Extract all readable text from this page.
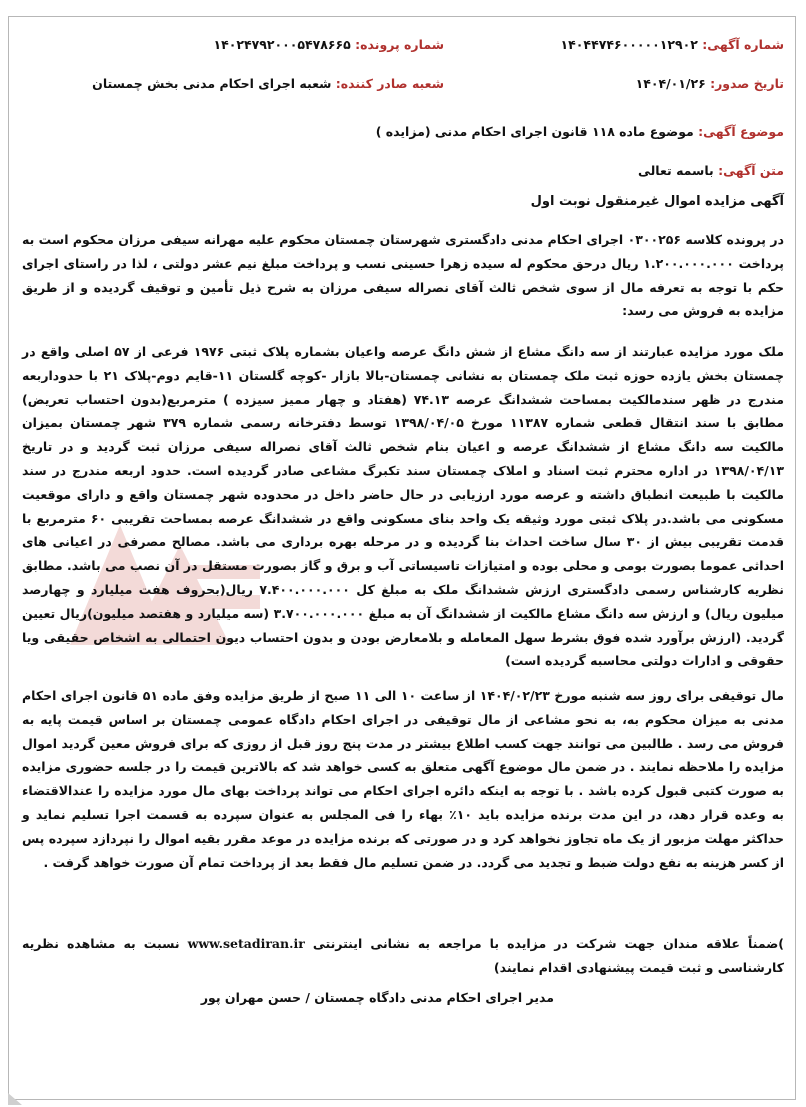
شماره آگهی: ۱۴۰۴۴۷۴۶۰۰۰۰۰۱۲۹۰۲
شماره پرونده: ۱۴۰۲۴۷۹۲۰۰۰۵۴۷۸۶۶۵
تاریخ صدور: ۱۴۰۴/۰۱/۲۶
شعبه صادر کننده: شعبه اجرای احکام مدنی بخش چمستان
موضوع آگهی: موضوع ماده ۱۱۸ قانون اجرای احکام مدنی (مزایده )
متن آگهی: باسمه تعالی
آگهی مزایده اموال غیرمنقول نوبت اول

در پرونده کلاسه ۰۳۰۰۲۵۶ اجرای احکام مدنی دادگستری شهرستان چمستان محکوم علیه مهرانه سیفی مرزان محکوم است به پرداخت ۱.۲۰۰.۰۰۰.۰۰۰ ریال درحق محکوم له سیده زهرا حسینی نسب و پرداخت مبلغ نیم عشر دولتی ، لذا در راستای اجرای حکم با توجه به تعرفه مال از سوی شخص ثالث آقای نصراله سیفی مرزان به شرح ذیل تأمین و توقیف گردیده و از طریق مزایده به فروش می رسد:

ملک مورد مزایده عبارتند از سه دانگ مشاع از شش دانگ عرصه واعیان بشماره پلاک ثبتی ۱۹۷۶ فرعی از ۵۷ اصلی واقع در چمستان بخش یازده حوزه ثبت ملک چمستان به نشانی چمستان-بالا بازار -کوچه گلستان ۱۱-قایم دوم-پلاک ۲۱ با حدوداربعه مندرج در ظهر سندمالکیت بمساحت ششدانگ عرصه ۷۴.۱۳ (هفتاد و چهار ممیز سیزده ) مترمربع(بدون احتساب تعریض) مطابق با سند انتقال قطعی شماره ۱۱۳۸۷ مورخ ۱۳۹۸/۰۴/۰۵ توسط دفترخانه رسمی شماره ۳۷۹ شهر چمستان بمیزان مالکیت سه دانگ مشاع از ششدانگ عرصه و اعیان بنام شخص ثالث آقای نصراله سیفی مرزان ثبت گردید و در تاریخ ۱۳۹۸/۰۴/۱۳ در اداره محترم ثبت اسناد و املاک چمستان سند تکبرگ مشاعی صادر گردیده است. حدود اربعه مندرج در سند مالکیت با طبیعت انطباق داشته و عرصه مورد ارزیابی در حال حاضر داخل در محدوده شهر چمستان واقع و دارای موقعیت مسکونی می باشد.در پلاک ثبتی مورد وثیقه یک واحد بنای مسکونی واقع در ششدانگ عرصه بمساحت تقریبی ۶۰ مترمربع با قدمت تقریبی بیش از ۳۰ سال ساخت احداث بنا گردیده و در مرحله بهره برداری می باشد. مصالح مصرفی در اعیانی های احداثی عموما بصورت بومی و محلی بوده و امتیازات تاسیساتی آب و برق و گاز بصورت مستقل در آن نصب می باشد. مطابق نظریه کارشناس رسمی دادگستری ارزش ششدانگ ملک به مبلغ کل ۷.۴۰۰.۰۰۰.۰۰۰ ریال(بحروف هفت میلیارد و چهارصد میلیون ریال) و ارزش سه دانگ مشاع مالکیت از ششدانگ آن به مبلغ ۳.۷۰۰.۰۰۰.۰۰۰ (سه میلیارد و هفتصد میلیون)ریال تعیین گردید. (ارزش برآورد شده فوق بشرط سهل المعامله و بلامعارض بودن و بدون احتساب دیون احتمالی به اشخاص حقیقی ویا حقوقی و ادارات دولتی محاسبه گردیده است)

مال توقیفی برای روز سه شنبه مورخ ۱۴۰۴/۰۲/۲۳ از ساعت ۱۰ الی ۱۱ صبح از طریق مزایده وفق ماده ۵۱ قانون اجرای احکام مدنی به میزان محکوم به، به نحو مشاعی از مال توقیفی در اجرای احکام دادگاه عمومی چمستان بر اساس قیمت پایه به فروش می رسد . طالبین می توانند جهت کسب اطلاع بیشتر در مدت پنج روز قبل از روزی که برای فروش معین گردید اموال مزایده را ملاحظه نمایند . در ضمن مال موضوع آگهی متعلق به کسی خواهد شد که بالاترین قیمت را در جلسه حضوری مزایده به صورت کتبی قبول کرده باشد . با توجه به اینکه دائره اجرای احکام می تواند پرداخت بهای مال مورد مزایده را عندالاقتضاء به وعده قرار دهد، در این مدت برنده مزایده باید ۱۰٪ بهاء را فی المجلس به عنوان سپرده به قسمت اجرا تسلیم نماید و حداکثر مهلت مزبور از یک ماه تجاوز نخواهد کرد و در صورتی که برنده مزایده در موعد مقرر بقیه اموال را نپردازد سپرده پس از کسر هزینه به نفع دولت ضبط و تجدید می گردد. در ضمن تسلیم مال فقط بعد از پرداخت تمام آن صورت خواهد گرفت .

)ضمناً علاقه مندان جهت شرکت در مزایده با مراجعه به نشانی اینترنتی www.setadiran.ir نسبت به مشاهده نظریه کارشناسی و ثبت قیمت پیشنهادی اقدام نمایند)

مدیر اجرای احکام مدنی دادگاه چمستان / حسن مهران پور
